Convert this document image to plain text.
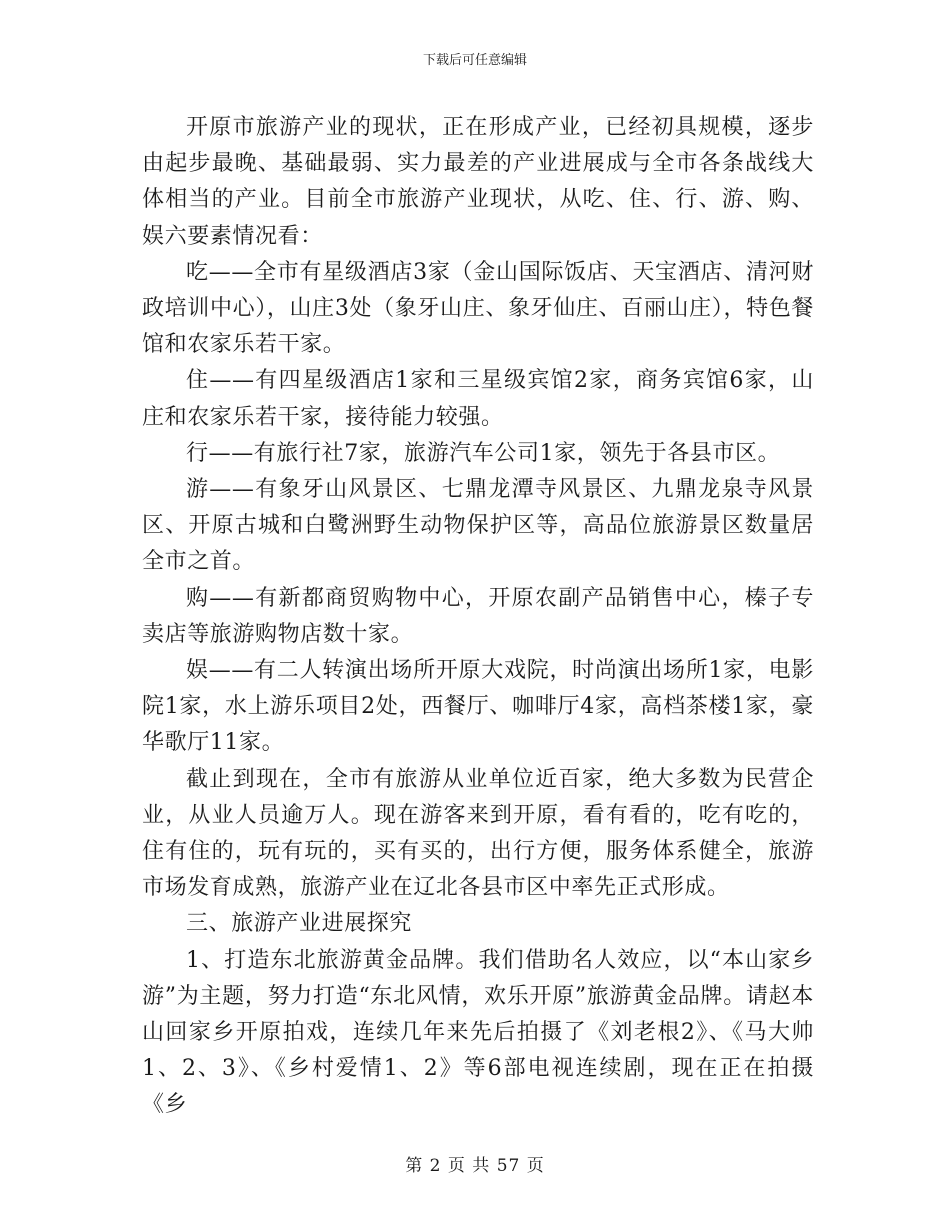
下载后可任意编辑

开原市旅游产业的现状，正在形成产业，已经初具规模，逐步由起步最晚、基础最弱、实力最差的产业进展成与全市各条战线大体相当的产业。目前全市旅游产业现状，从吃、住、行、游、购、娱六要素情况看：

吃——全市有星级酒店3家（金山国际饭店、天宝酒店、清河财政培训中心），山庄3处（象牙山庄、象牙仙庄、百丽山庄），特色餐馆和农家乐若干家。

住——有四星级酒店1家和三星级宾馆2家，商务宾馆6家，山庄和农家乐若干家，接待能力较强。

行——有旅行社7家，旅游汽车公司1家，领先于各县市区。

游——有象牙山风景区、七鼎龙潭寺风景区、九鼎龙泉寺风景区、开原古城和白鹭洲野生动物保护区等，高品位旅游景区数量居全市之首。

购——有新都商贸购物中心，开原农副产品销售中心，榛子专卖店等旅游购物店数十家。

娱——有二人转演出场所开原大戏院，时尚演出场所1家，电影院1家，水上游乐项目2处，西餐厅、咖啡厅4家，高档茶楼1家，豪华歌厅11家。

截止到现在，全市有旅游从业单位近百家，绝大多数为民营企业，从业人员逾万人。现在游客来到开原，看有看的，吃有吃的，住有住的，玩有玩的，买有买的，出行方便，服务体系健全，旅游市场发育成熟，旅游产业在辽北各县市区中率先正式形成。

三、旅游产业进展探究

1、打造东北旅游黄金品牌。我们借助名人效应，以“本山家乡游”为主题，努力打造“东北风情，欢乐开原”旅游黄金品牌。请赵本山回家乡开原拍戏，连续几年来先后拍摄了《刘老根2》、《马大帅1、2、3》、《乡村爱情1、2》等6部电视连续剧，现在正在拍摄《乡

第 2 页 共 57 页
